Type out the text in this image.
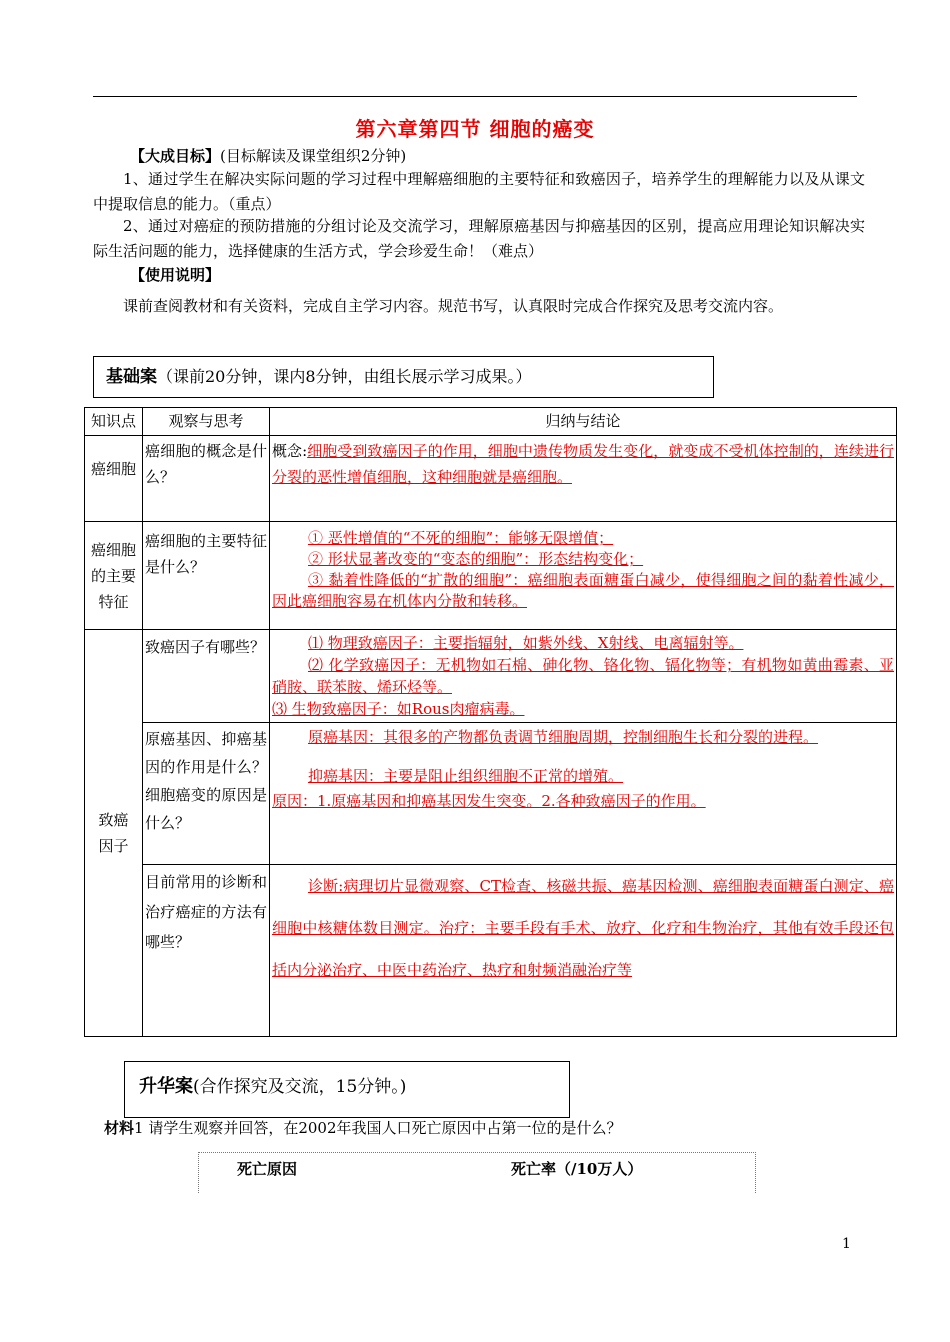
第六章第四节 细胞的癌变
【大成目标】(目标解读及课堂组织2分钟)
1、通过学生在解决实际问题的学习过程中理解癌细胞的主要特征和致癌因子，培养学生的理解能力以及从课文中提取信息的能力。（重点）
2、通过对癌症的预防措施的分组讨论及交流学习，理解原癌基因与抑癌基因的区别，提高应用理论知识解决实际生活问题的能力，选择健康的生活方式，学会珍爱生命！（难点）
【使用说明】
课前查阅教材和有关资料，完成自主学习内容。规范书写，认真限时完成合作探究及思考交流内容。
基础案（课前20分钟，课内8分钟，由组长展示学习成果。）
知识点	观察与思考	归纳与结论
癌细胞	癌细胞的概念是什么？	概念:细胞受到致癌因子的作用，细胞中遗传物质发生变化，就变成不受机体控制的，连续进行分裂的恶性增值细胞，这种细胞就是癌细胞。
癌细胞的主要特征	癌细胞的主要特征是什么？	① 恶性增值的“不死的细胞”：能够无限增值；
② 形状显著改变的“变态的细胞”：形态结构变化；
③ 黏着性降低的“扩散的细胞”：癌细胞表面糖蛋白减少，使得细胞之间的黏着性减少，因此癌细胞容易在机体内分散和转移。

致癌因子	致癌因子有哪些？	⑴ 物理致癌因子：主要指辐射，如紫外线、X射线、电离辐射等。
⑵ 化学致癌因子：无机物如石棉、砷化物、铬化物、镉化物等；有机物如黄曲霉素、亚硝胺、联苯胺、烯环烃等。
⑶ 生物致癌因子：如Rous肉瘤病毒。

	原癌基因、抑癌基因的作用是什么？细胞癌变的原因是什么？	原癌基因：其很多的产物都负责调节细胞周期，控制细胞生长和分裂的进程。
抑癌基因：主要是阻止组织细胞不正常的增殖。
原因：1.原癌基因和抑癌基因发生突变。2.各种致癌因子的作用。

	目前常用的诊断和治疗癌症的方法有哪些？	诊断:病理切片显微观察、CT检查、核磁共振、癌基因检测、癌细胞表面糖蛋白测定、癌细胞中核糖体数目测定。治疗：主要手段有手术、放疗、化疗和生物治疗，其他有效手段还包括内分泌治疗、中医中药治疗、热疗和射频消融治疗等
升华案(合作探究及交流，15分钟。)
材料1 请学生观察并回答，在2002年我国人口死亡原因中占第一位的是什么？
死亡原因	死亡率（/10万人）
1
